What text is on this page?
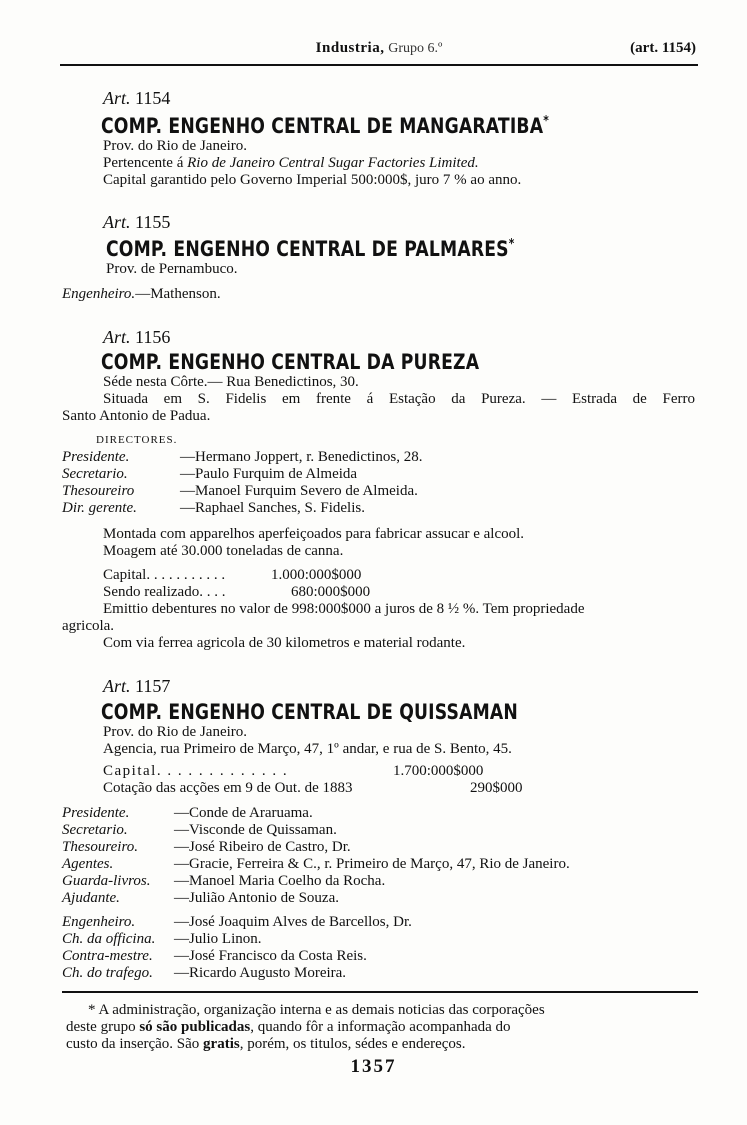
Industria, Grupo 6.º	(art. 1154)
Art. 1154
COMP. ENGENHO CENTRAL DE MANGARATIBA*
Prov. do Rio de Janeiro.
Pertencente á Rio de Janeiro Central Sugar Factories Limited.
Capital garantido pelo Governo Imperial 500:000$, juro 7 % ao anno.
Art. 1155
COMP. ENGENHO CENTRAL DE PALMARES*
Prov. de Pernambuco.
Engenheiro.—Mathenson.
Art. 1156
COMP. ENGENHO CENTRAL DA PUREZA
Séde nesta Côrte.— Rua Benedictinos, 30.
Situada em S. Fidelis em frente á Estação da Pureza. — Estrada de Ferro
Santo Antonio de Padua.
DIRECTORES.
Presidente.	—Hermano Joppert, r. Benedictinos, 28.
Secretario.	—Paulo Furquim de Almeida
Thesoureiro	—Manoel Furquim Severo de Almeida.
Dir. gerente.	—Raphael Sanches, S. Fidelis.
Montada com apparelhos aperfeiçoados para fabricar assucar e alcool.
Moagem até 30.000 toneladas de canna.
Capital. . . . . . . . . . .	1.000:000$000
Sendo realizado. . . .	680:000$000
Emittio debentures no valor de 998:000$000 a juros de 8 ½ %. Tem propriedade
agricola.
Com via ferrea agricola de 30 kilometros e material rodante.
Art. 1157
COMP. ENGENHO CENTRAL DE QUISSAMAN
Prov. do Rio de Janeiro.
Agencia, rua Primeiro de Março, 47, 1º andar, e rua de S. Bento, 45.
Capital. . . . . . . . . . . . .	1.700:000$000
Cotação das acções em 9 de Out. de 1883	290$000
Presidente.	—Conde de Araruama.
Secretario.	—Visconde de Quissaman.
Thesoureiro. —José Ribeiro de Castro, Dr.
Agentes.	—Gracie, Ferreira & C., r. Primeiro de Março, 47, Rio de Janeiro.
Guarda-livros. —Manoel Maria Coelho da Rocha.
Ajudante.	—Julião Antonio de Souza.
Engenheiro.	—José Joaquim Alves de Barcellos, Dr.
Ch. da officina. —Julio Linon.
Contra-mestre. —José Francisco da Costa Reis.
Ch. do trafego. —Ricardo Augusto Moreira.
* A administração, organização interna e as demais noticias das corporações
deste grupo só são publicadas, quando fôr a informação acompanhada do
custo da inserção. São gratis, porém, os titulos, sédes e endereços.
1357
